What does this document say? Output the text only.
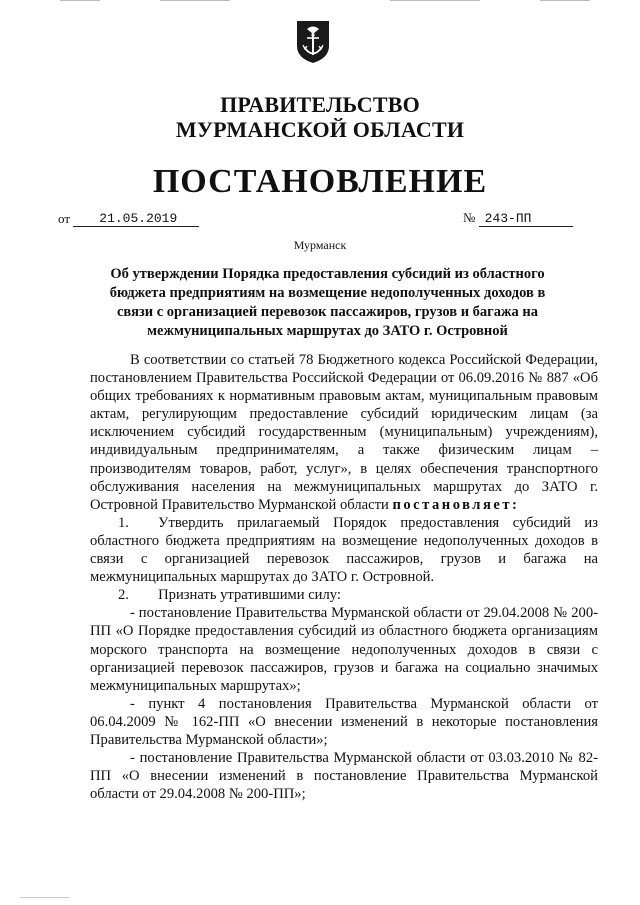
ПРАВИТЕЛЬСТВО
МУРМАНСКОЙ ОБЛАСТИ
ПОСТАНОВЛЕНИЕ
от 21.05.2019	№ 243-ПП
Мурманск
Об утверждении Порядка предоставления субсидий из областного бюджета предприятиям на возмещение недополученных доходов в связи с организацией перевозок пассажиров, грузов и багажа на межмуниципальных маршрутах до ЗАТО г. Островной

В соответствии со статьей 78 Бюджетного кодекса Российской Федерации, постановлением Правительства Российской Федерации от 06.09.2016 № 887 «Об общих требованиях к нормативным правовым актам, муниципальным правовым актам, регулирующим предоставление субсидий юридическим лицам (за исключением субсидий государственным (муниципальным) учреждениям), индивидуальным предпринимателям, а также физическим лицам – производителям товаров, работ, услуг», в целях обеспечения транспортного обслуживания населения на межмуниципальных маршрутах до ЗАТО г. Островной Правительство Мурманской области постановляет:

1.  Утвердить прилагаемый Порядок предоставления субсидий из областного бюджета предприятиям на возмещение недополученных доходов в связи с организацией перевозок пассажиров, грузов и багажа на межмуниципальных маршрутах до ЗАТО г. Островной.

2.  Признать утратившими силу:

- постановление Правительства Мурманской области от 29.04.2008 № 200-ПП «О Порядке предоставления субсидий из областного бюджета организациям морского транспорта на возмещение недополученных доходов в связи с организацией перевозок пассажиров, грузов и багажа на социально значимых межмуниципальных маршрутах»;

- пункт 4 постановления Правительства Мурманской области от 06.04.2009 № 162-ПП «О внесении изменений в некоторые постановления Правительства Мурманской области»;

- постановление Правительства Мурманской области от 03.03.2010 № 82-ПП «О внесении изменений в постановление Правительства Мурманской области от 29.04.2008 № 200-ПП»;
